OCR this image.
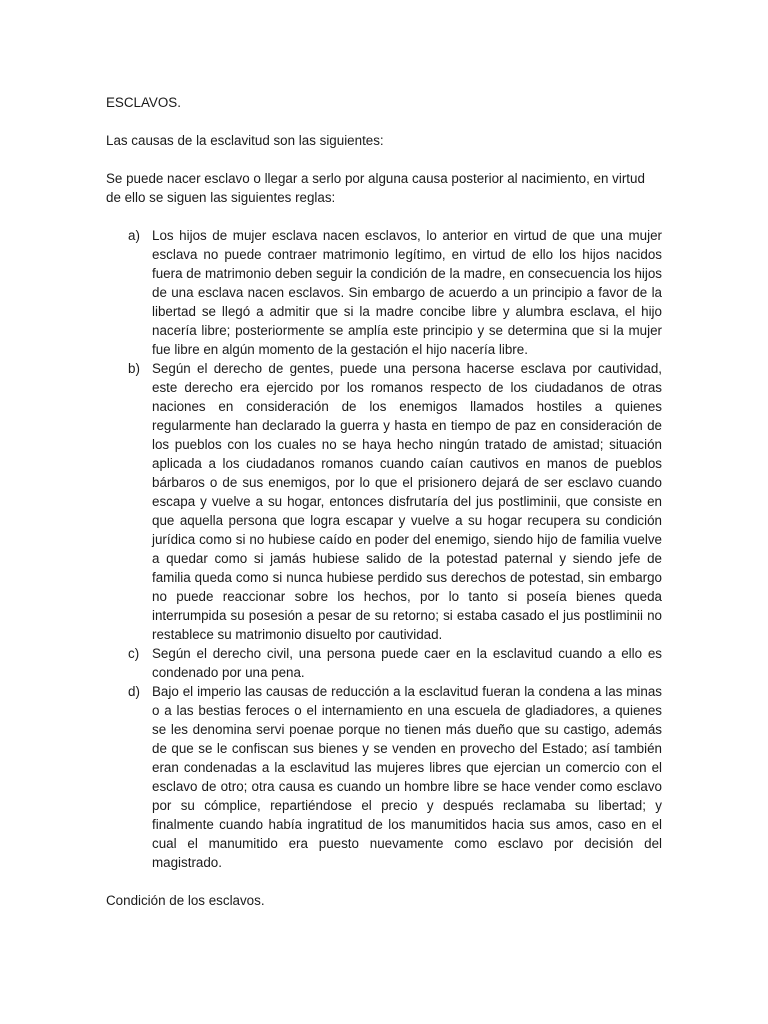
ESCLAVOS.

Las causas de la esclavitud son las siguientes:

Se puede nacer esclavo o llegar a serlo por alguna causa posterior al nacimiento, en virtud de ello se siguen las siguientes reglas:

a) Los hijos de mujer esclava nacen esclavos, lo anterior en virtud de que una mujer esclava no puede contraer matrimonio legítimo, en virtud de ello los hijos nacidos fuera de matrimonio deben seguir la condición de la madre, en consecuencia los hijos de una esclava nacen esclavos. Sin embargo de acuerdo a un principio a favor de la libertad se llegó a admitir que si la madre concibe libre y alumbra esclava, el hijo nacería libre; posteriormente se amplía este principio y se determina que si la mujer fue libre en algún momento de la gestación el hijo nacería libre.

b) Según el derecho de gentes, puede una persona hacerse esclava por cautividad, este derecho era ejercido por los romanos respecto de los ciudadanos de otras naciones en consideración de los enemigos llamados hostiles a quienes regularmente han declarado la guerra y hasta en tiempo de paz en consideración de los pueblos con los cuales no se haya hecho ningún tratado de amistad; situación aplicada a los ciudadanos romanos cuando caían cautivos en manos de pueblos bárbaros o de sus enemigos, por lo que el prisionero dejará de ser esclavo cuando escapa y vuelve a su hogar, entonces disfrutaría del jus postliminii, que consiste en que aquella persona que logra escapar y vuelve a su hogar recupera su condición jurídica como si no hubiese caído en poder del enemigo, siendo hijo de familia vuelve a quedar como si jamás hubiese salido de la potestad paternal y siendo jefe de familia queda como si nunca hubiese perdido sus derechos de potestad, sin embargo no puede reaccionar sobre los hechos, por lo tanto si poseía bienes queda interrumpida su posesión a pesar de su retorno; si estaba casado el jus postliminii no restablece su matrimonio disuelto por cautividad.

c) Según el derecho civil, una persona puede caer en la esclavitud cuando a ello es condenado por una pena.

d) Bajo el imperio las causas de reducción a la esclavitud fueran la condena a las minas o a las bestias feroces o el internamiento en una escuela de gladiadores, a quienes se les denomina servi poenae porque no tienen más dueño que su castigo, además de que se le confiscan sus bienes y se venden en provecho del Estado; así también eran condenadas a la esclavitud las mujeres libres que ejercian un comercio con el esclavo de otro; otra causa es cuando un hombre libre se hace vender como esclavo por su cómplice, repartiéndose el precio y después reclamaba su libertad; y finalmente cuando había ingratitud de los manumitidos hacia sus amos, caso en el cual el manumitido era puesto nuevamente como esclavo por decisión del magistrado.

Condición de los esclavos.
